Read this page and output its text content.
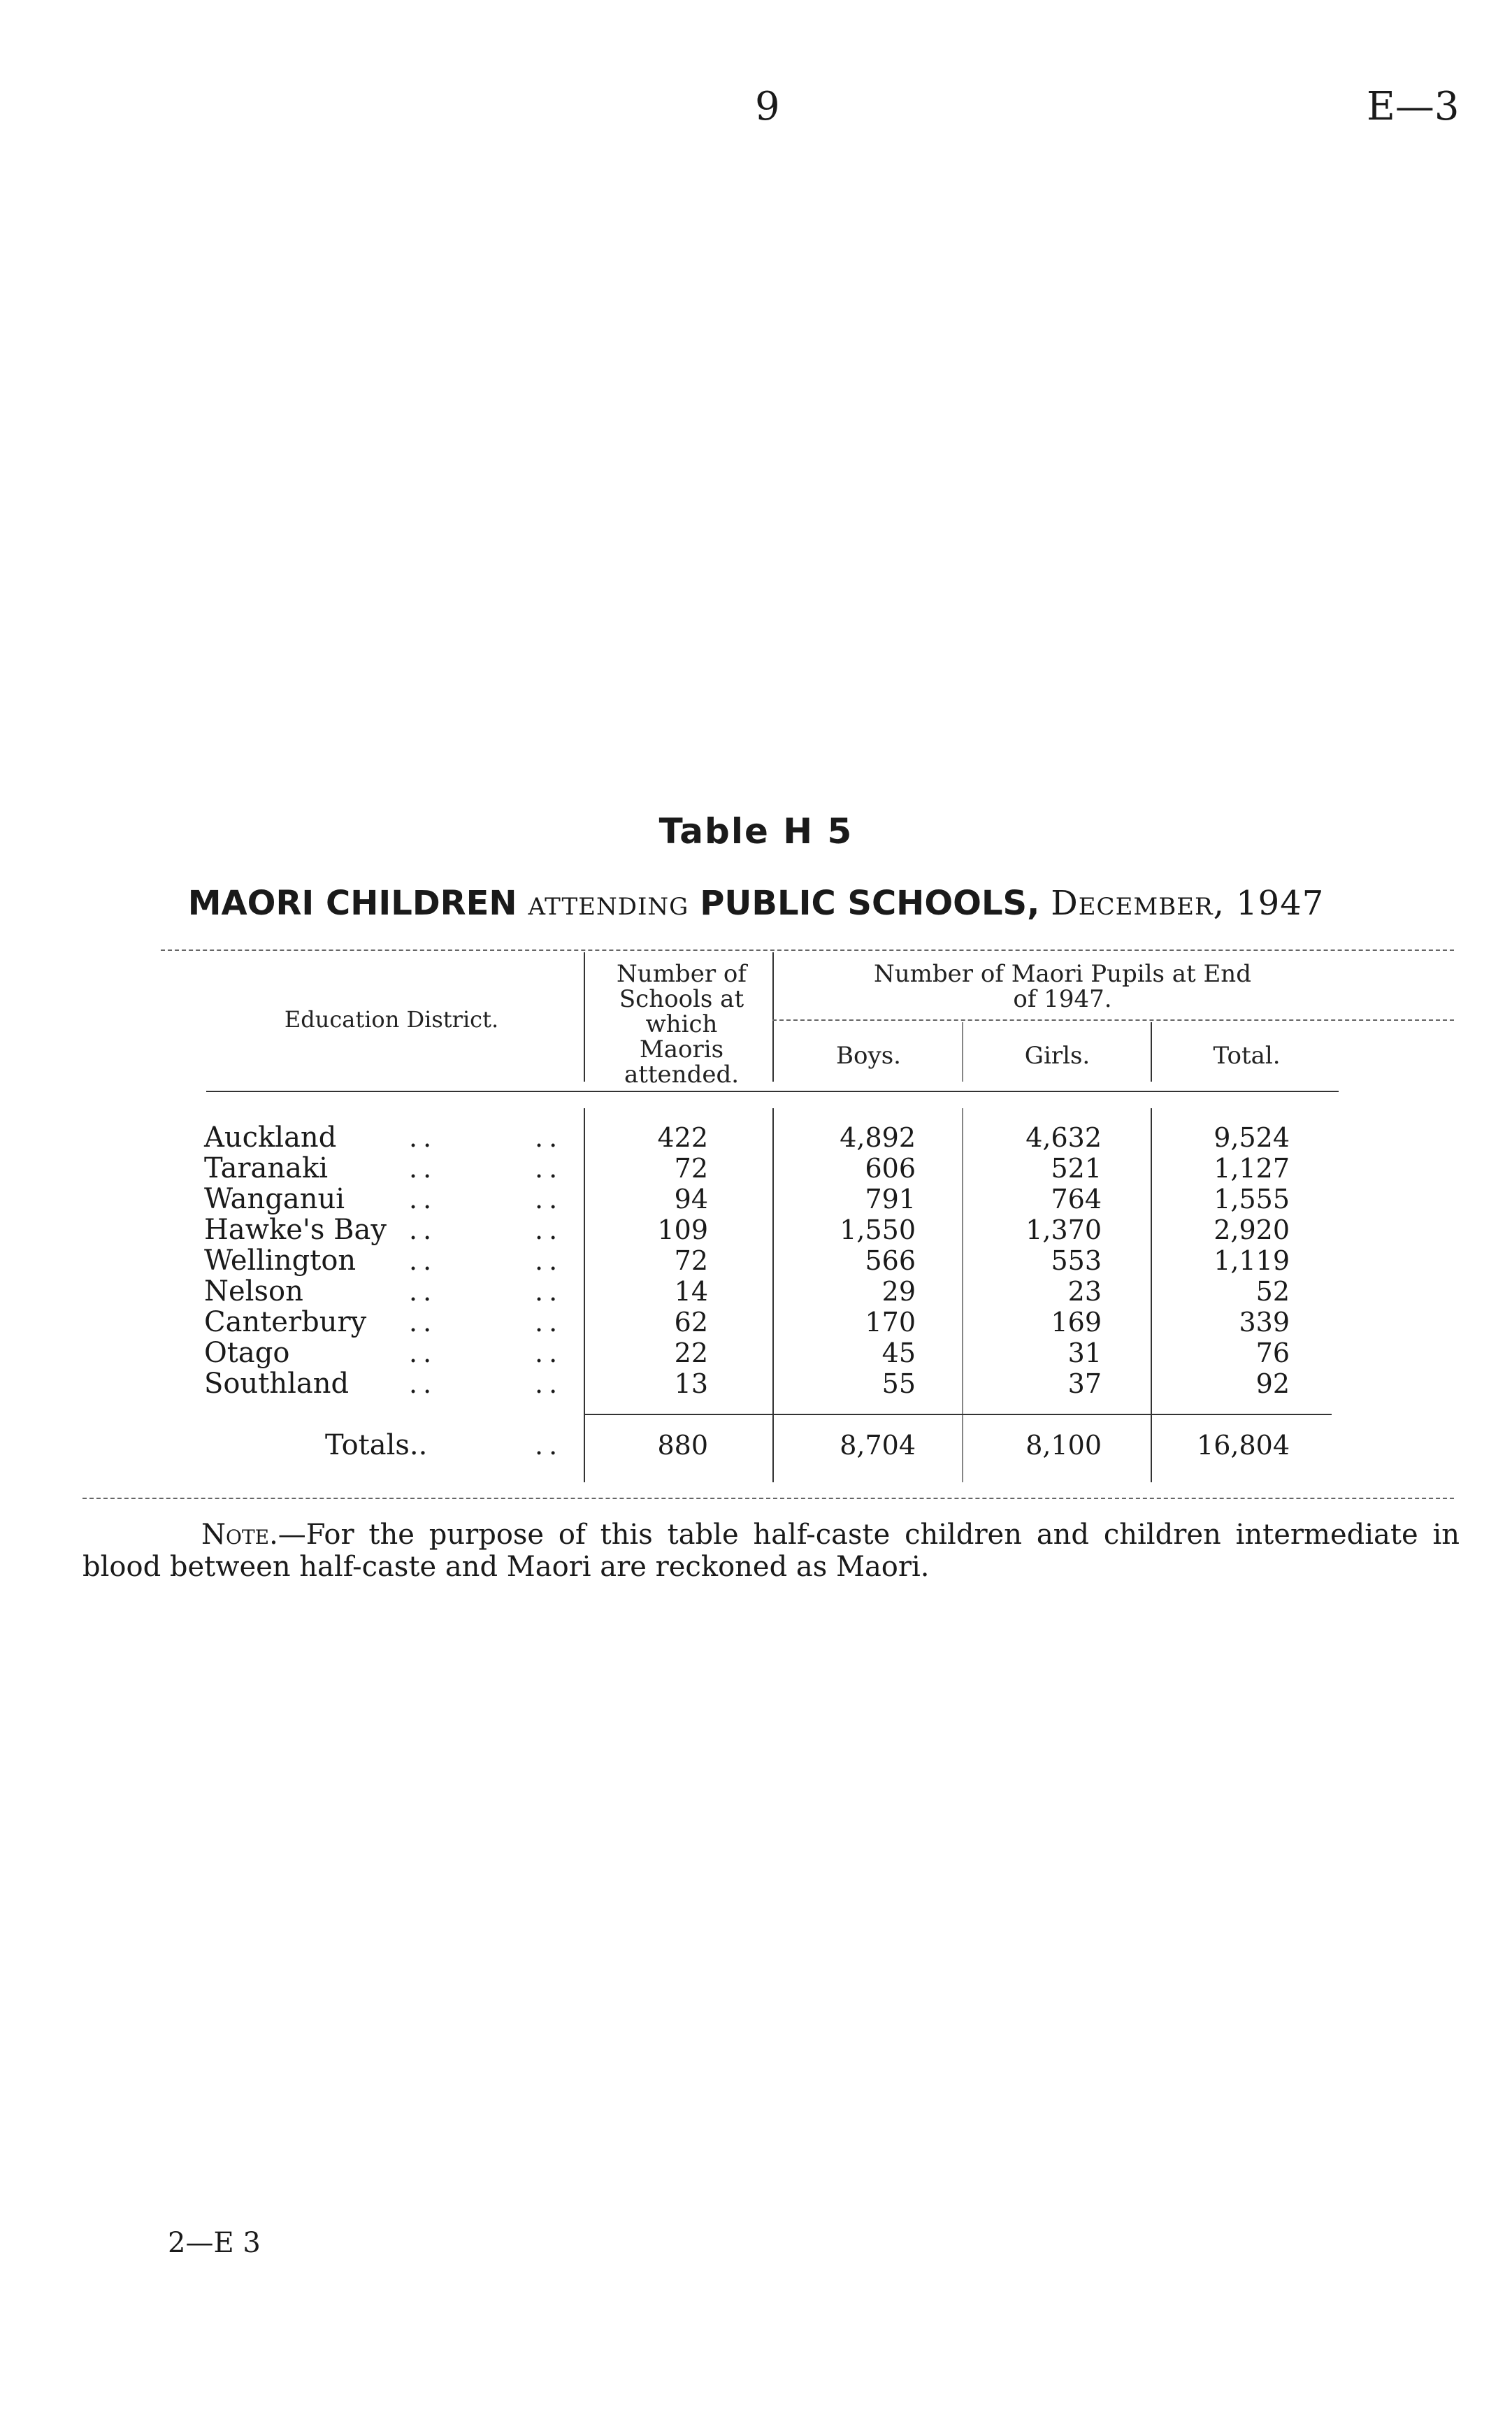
9	E—3
Table H 5
MAORI CHILDREN attending PUBLIC SCHOOLS, December, 1947
Education District.
Number of Schools at which Maoris attended.
Number of Maori Pupils at End of 1947.
Boys.	Girls.	Total.
Auckland	..	..	422	4,892	4,632	9,524
Taranaki	..	..	72	606	521	1,127
Wanganui ..	..	94	791	764	1,555
Hawke's Bay ..	..	109	1,550	1,370	2,920
Wellington ..	..	72	566	553	1,119
Nelson	..	..	14	29	23	52
Canterbury ..	..	62	170	169	339
Otago	..	..	22	45	31	76
Southland ..	..	13	55	37	92
Totals..	..	880	8,704	8,100	16,804
Note.—For the purpose of this table half-caste children and children intermediate in blood between half-caste and Maori are reckoned as Maori.
2—E 3
